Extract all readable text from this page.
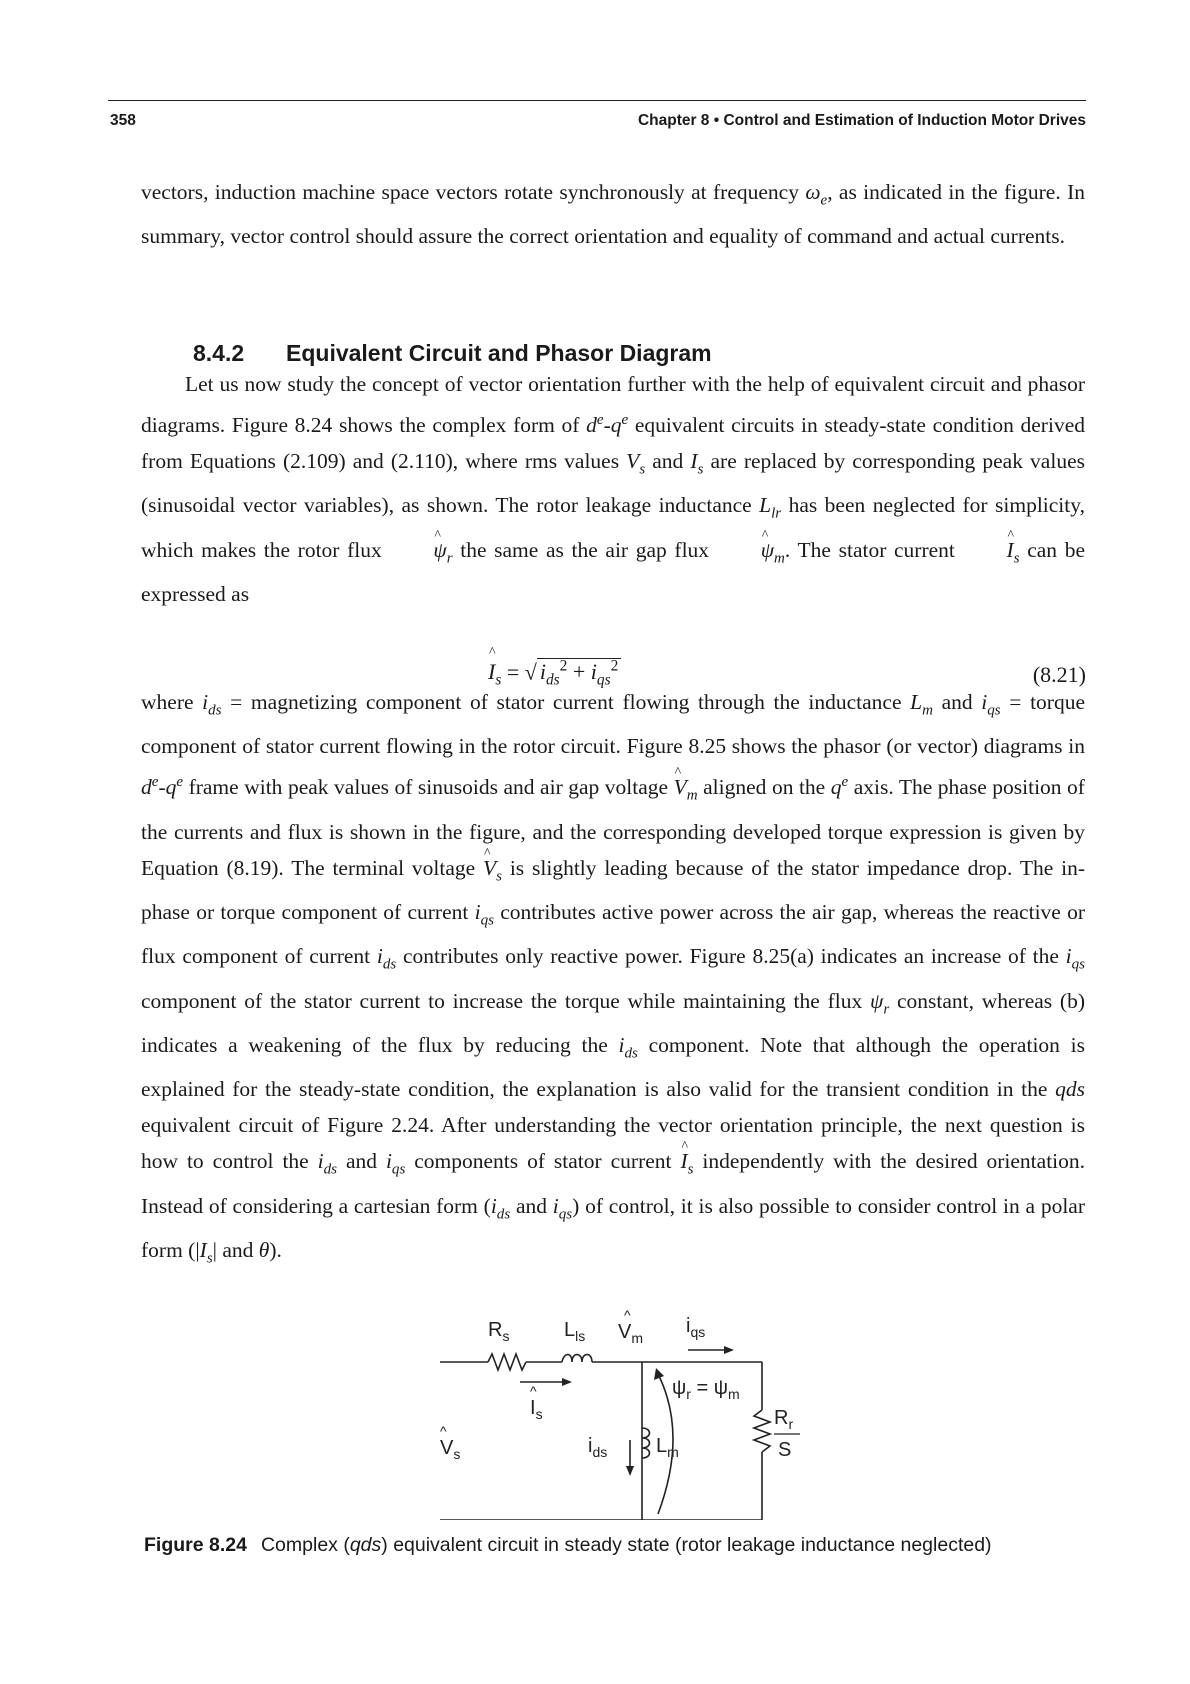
358	Chapter 8 • Control and Estimation of Induction Motor Drives

vectors, induction machine space vectors rotate synchronously at frequency $\omega_e$, as indicated in the figure. In summary, vector control should assure the correct orientation and equality of command and actual currents.

8.4.2 Equivalent Circuit and Phasor Diagram

Let us now study the concept of vector orientation further with the help of equivalent circuit and phasor diagrams. Figure 8.24 shows the complex form of $d^e-q^e$ equivalent circuits in steady-state condition derived from Equations (2.109) and (2.110), where rms values $V_s$ and $I_s$ are replaced by corresponding peak values (sinusoidal vector variables), as shown. The rotor leakage inductance $L_{lr}$ has been neglected for simplicity, which makes the rotor flux ^ $\psi_r$ the same as the air gap flux ^ $\psi_m$. The stator current ^ $I_s$ can be expressed as

^ $I_s$ = √ $i_{ds}^2 + i_{qs}^2$	(8.21)

where $i_{ds}$ = magnetizing component of stator current flowing through the inductance $L_m$ and $i_{qs}$ = torque component of stator current flowing in the rotor circuit. Figure 8.25 shows the phasor (or vector) diagrams in $d^e-q^e$ frame with peak values of sinusoids and air gap voltage ^ $V_m$ aligned on the $q^e$ axis. The phase position of the currents and flux is shown in the figure, and the corresponding developed torque expression is given by Equation (8.19). The terminal voltage ^ $V_s$ is slightly leading because of the stator impedance drop. The in-phase or torque component of current $i_{qs}$ contributes active power across the air gap, whereas the reactive or flux component of current $i_{ds}$ contributes only reactive power. Figure 8.25(a) indicates an increase of the $i_{qs}$ component of the stator current to increase the torque while maintaining the flux $\psi_r$ constant, whereas (b) indicates a weakening of the flux by reducing the $i_{ds}$ component. Note that although the operation is explained for the steady-state condition, the explanation is also valid for the transient condition in the qds equivalent circuit of Figure 2.24. After understanding the vector orientation principle, the next question is how to control the $i_{ds}$ and $i_{qs}$ components of stator current ^ $I_s$ independently with the desired orientation. Instead of considering a cartesian form ($i_{ds}$ and $i_{qs}$) of control, it is also possible to consider control in a polar form ($|I_s|$ and θ).

$R_s$	$L_{ls}$ $V_m$
^	$i_{qs}$
$I_s$
^
$V_s$
^
$i_{ds}$ $L_m$
$\psi_r = \psi_m$
$R_r$
S
Figure 8.24 Complex (qds) equivalent circuit in steady state (rotor leakage inductance neglected)
